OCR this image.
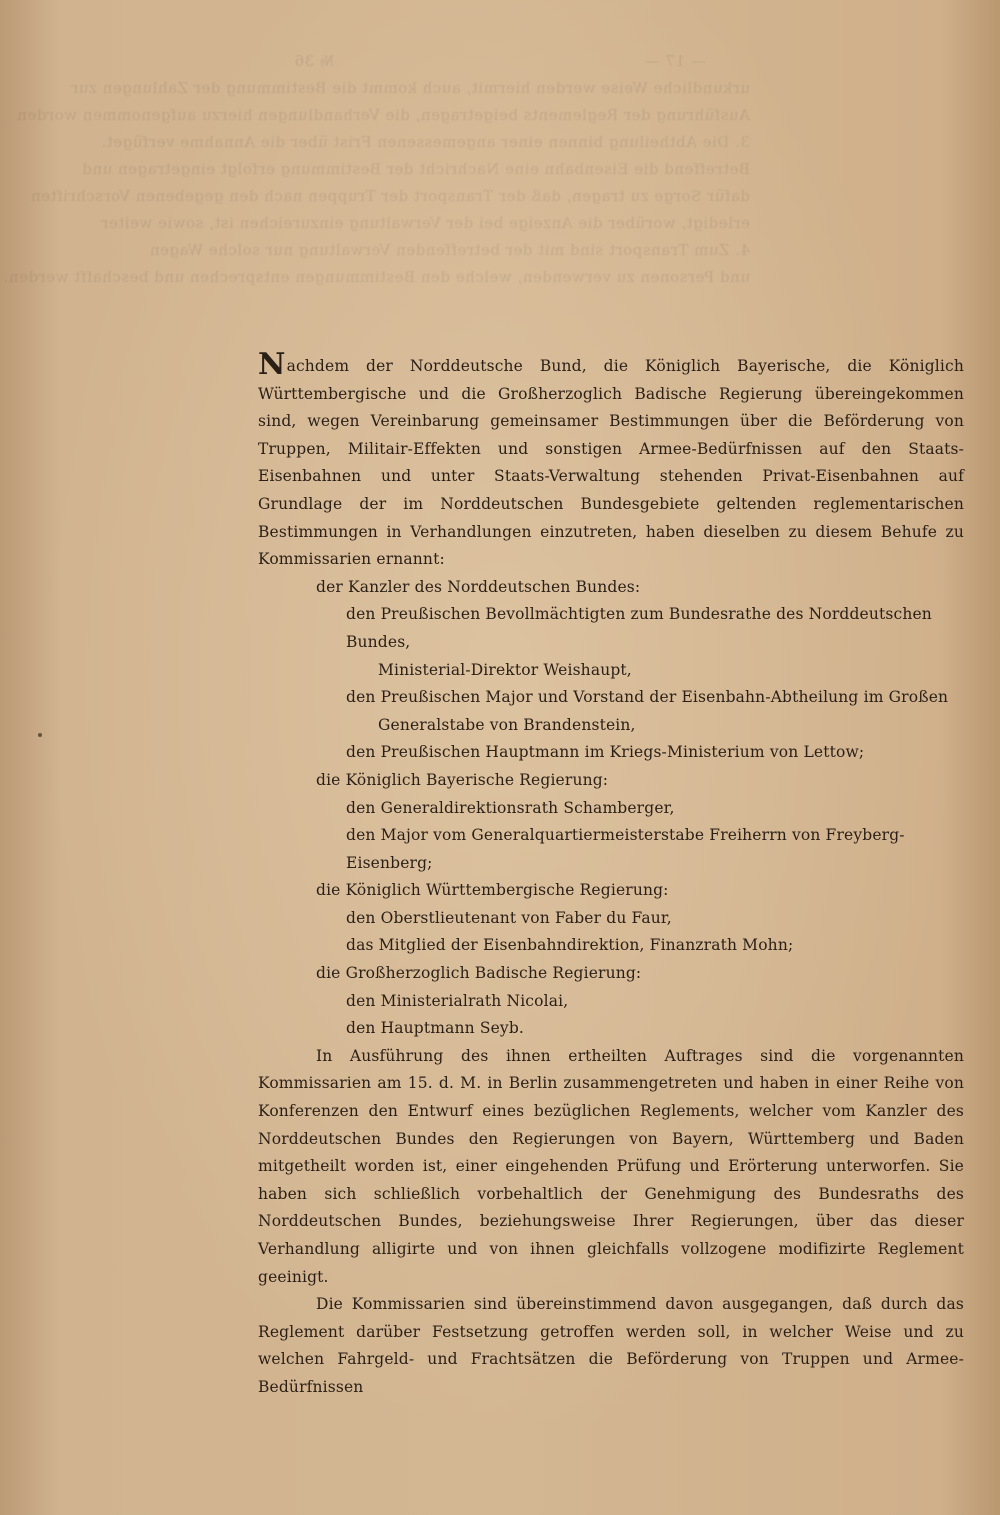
— 17 —　　　　　　　　　　　　　　　　　　　　№ 36
urkundliche Weise werden hiermit, auch kommt die Bestimmung der Zahlungen zur
Ausführung der Reglements beigetragen, die Verhandlungen hierzu aufgenommen worden
3. Die Abtheilung binnen einer angemessenen Frist über die Annahme verfüget.
Betreffend die Eisenbahn eine Nachricht der Bestimmung erfolgt eingetragen und
dafür Sorge zu tragen, daß der Transport der Truppen nach den gegebenen Vorschriften
erledigt, worüber die Anzeige bei der Verwaltung einzureichen ist, sowie weiter
4. Zum Transport sind mit der betreffenden Verwaltung nur solche Wagen
und Personen zu verwenden, welche den Bestimmungen entsprechen und beschafft werden.

Nachdem der Norddeutsche Bund, die Königlich Bayerische, die Königlich Württembergische und die Großherzoglich Badische Regierung übereingekommen sind, wegen Vereinbarung gemeinsamer Bestimmungen über die Beförderung von Truppen, Militair-Effekten und sonstigen Armee-Bedürfnissen auf den Staats-Eisenbahnen und unter Staats-Verwaltung stehenden Privat-Eisenbahnen auf Grundlage der im Norddeutschen Bundesgebiete geltenden reglementarischen Bestimmungen in Verhandlungen einzutreten, haben dieselben zu diesem Behufe zu Kommissarien ernannt:

der Kanzler des Norddeutschen Bundes:
den Preußischen Bevollmächtigten zum Bundesrathe des Norddeutschen Bundes,
Ministerial-Direktor Weishaupt,
den Preußischen Major und Vorstand der Eisenbahn-Abtheilung im Großen
Generalstabe von Brandenstein,
den Preußischen Hauptmann im Kriegs-Ministerium von Lettow;
die Königlich Bayerische Regierung:
den Generaldirektionsrath Schamberger,
den Major vom Generalquartiermeisterstabe Freiherrn von Freyberg-Eisenberg;
die Königlich Württembergische Regierung:
den Oberstlieutenant von Faber du Faur,
das Mitglied der Eisenbahndirektion, Finanzrath Mohn;
die Großherzoglich Badische Regierung:
den Ministerialrath Nicolai,
den Hauptmann Seyb.

In Ausführung des ihnen ertheilten Auftrages sind die vorgenannten Kommissarien am 15. d. M. in Berlin zusammengetreten und haben in einer Reihe von Konferenzen den Entwurf eines bezüglichen Reglements, welcher vom Kanzler des Norddeutschen Bundes den Regierungen von Bayern, Württemberg und Baden mitgetheilt worden ist, einer eingehenden Prüfung und Erörterung unterworfen. Sie haben sich schließlich vorbehaltlich der Genehmigung des Bundesraths des Norddeutschen Bundes, beziehungsweise Ihrer Regierungen, über das dieser Verhandlung alligirte und von ihnen gleichfalls vollzogene modifizirte Reglement geeinigt.

Die Kommissarien sind übereinstimmend davon ausgegangen, daß durch das Reglement darüber Festsetzung getroffen werden soll, in welcher Weise und zu welchen Fahrgeld- und Frachtsätzen die Beförderung von Truppen und Armee-Bedürfnissen
